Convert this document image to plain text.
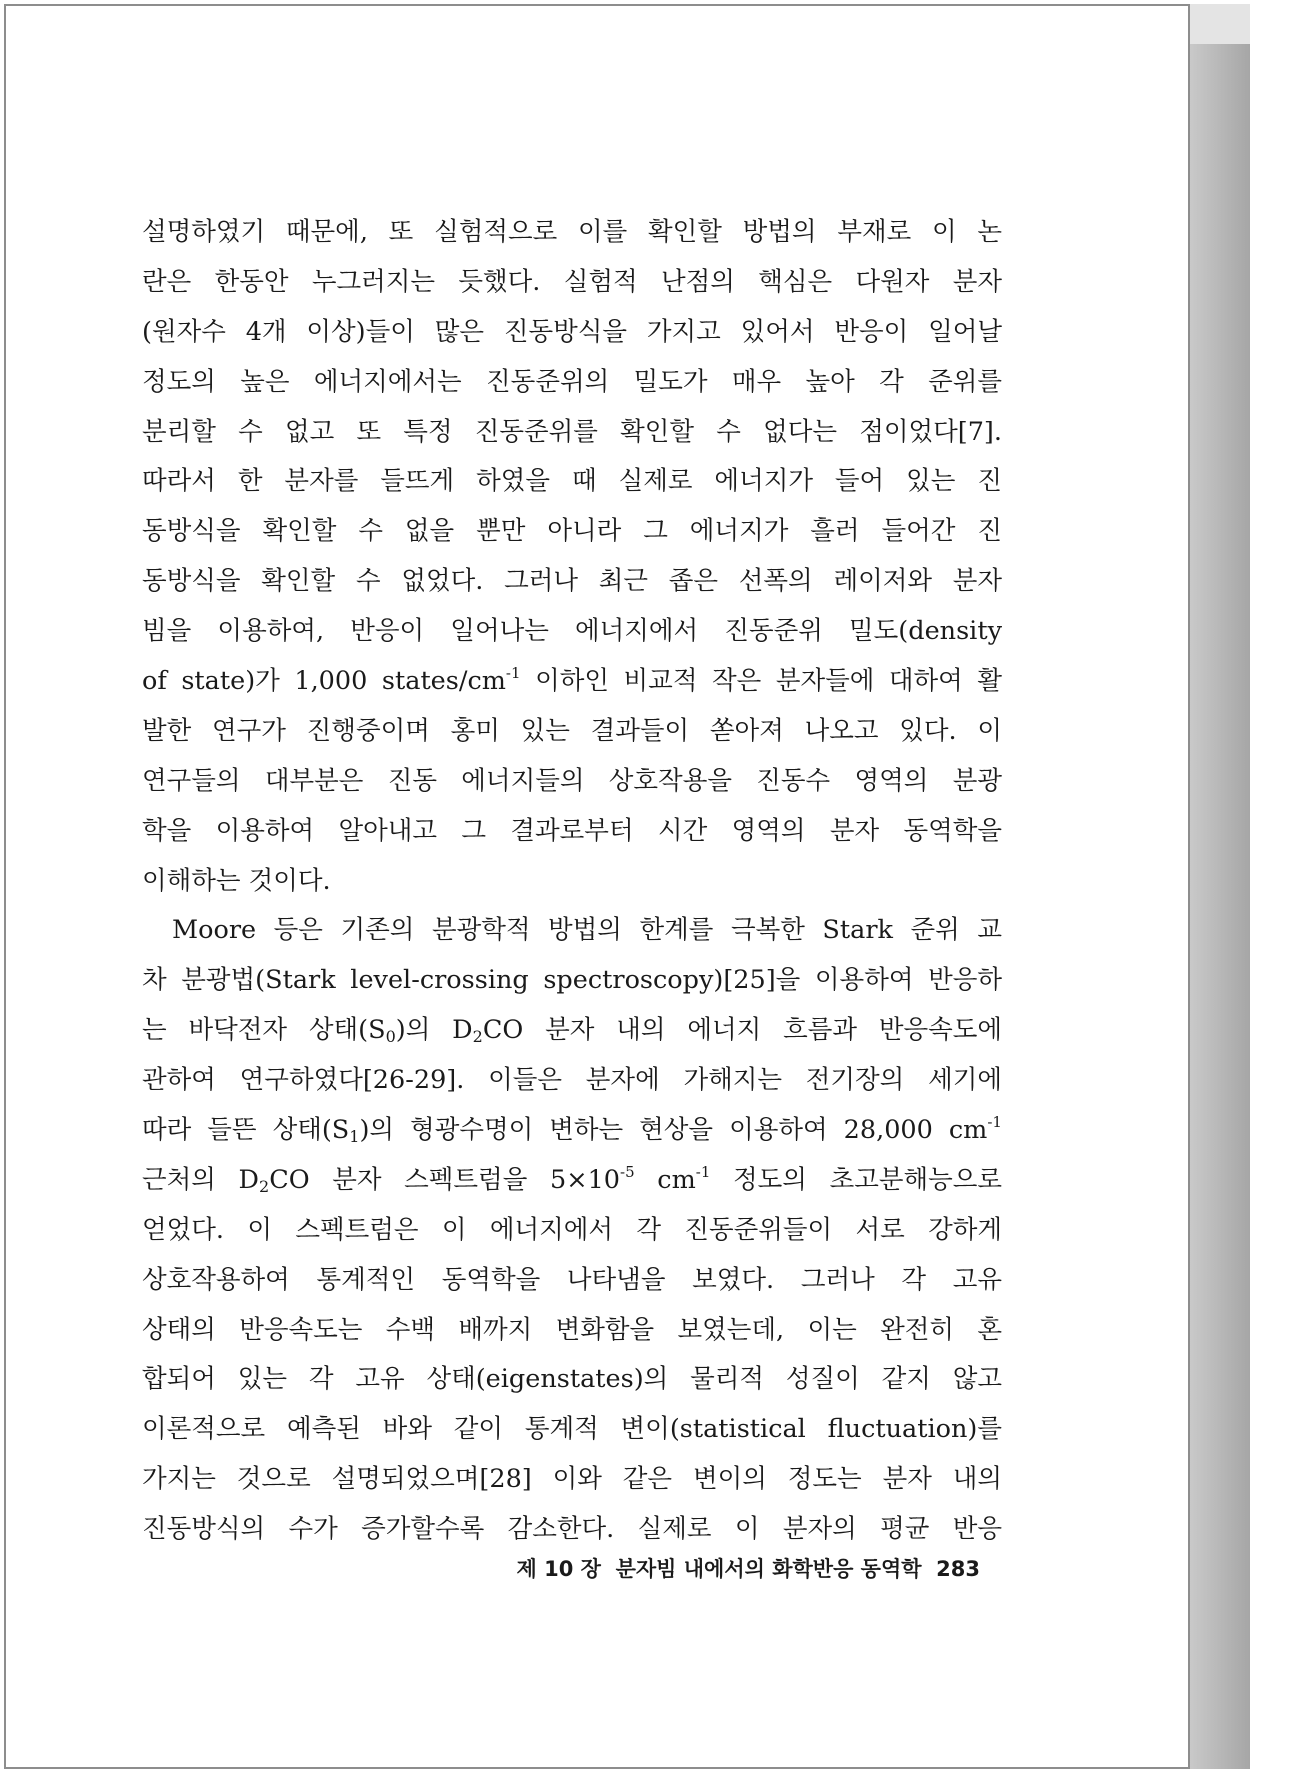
설명하였기 때문에, 또 실험적으로 이를 확인할 방법의 부재로 이 논
란은 한동안 누그러지는 듯했다. 실험적 난점의 핵심은 다원자 분자
(원자수 4개 이상)들이 많은 진동방식을 가지고 있어서 반응이 일어날
정도의 높은 에너지에서는 진동준위의 밀도가 매우 높아 각 준위를
분리할 수 없고 또 특정 진동준위를 확인할 수 없다는 점이었다[7].
따라서 한 분자를 들뜨게 하였을 때 실제로 에너지가 들어 있는 진
동방식을 확인할 수 없을 뿐만 아니라 그 에너지가 흘러 들어간 진
동방식을 확인할 수 없었다. 그러나 최근 좁은 선폭의 레이저와 분자
빔을 이용하여, 반응이 일어나는 에너지에서 진동준위 밀도(density
of state)가 1,000 states/$cm^{-1}$ 이하인 비교적 작은 분자들에 대하여 활
발한 연구가 진행중이며 홍미 있는 결과들이 쏟아져 나오고 있다. 이
연구들의 대부분은 진동 에너지들의 상호작용을 진동수 영역의 분광
학을 이용하여 알아내고 그 결과로부터 시간 영역의 분자 동역학을
이해하는 것이다.
Moore 등은 기존의 분광학적 방법의 한계를 극복한 Stark 준위 교
차 분광법(Stark level-crossing spectroscopy)[25]을 이용하여 반응하
는 바닥전자 상태$(S_0)$의 $D_2CO$ 분자 내의 에너지 흐름과 반응속도에
관하여 연구하였다[26-29]. 이들은 분자에 가해지는 전기장의 세기에
따라 들뜬 상태$(S_1)$의 형광수명이 변하는 현상을 이용하여 28,000 $cm^{-1}$
근처의 $D_2CO$ 분자 스펙트럼을 $5\times 10^{-5}$ $cm^{-1}$ 정도의 초고분해능으로
얻었다. 이 스펙트럼은 이 에너지에서 각 진동준위들이 서로 강하게
상호작용하여 통계적인 동역학을 나타냄을 보였다. 그러나 각 고유
상태의 반응속도는 수백 배까지 변화함을 보였는데, 이는 완전히 혼
합되어 있는 각 고유 상태(eigenstates)의 물리적 성질이 같지 않고
이론적으로 예측된 바와 같이 통계적 변이(statistical fluctuation)를
가지는 것으로 설명되었으며[28] 이와 같은 변이의 정도는 분자 내의
진동방식의 수가 증가할수록 감소한다. 실제로 이 분자의 평균 반응
제 10 장 분자빔 내에서의 화학반응 동역학 283
